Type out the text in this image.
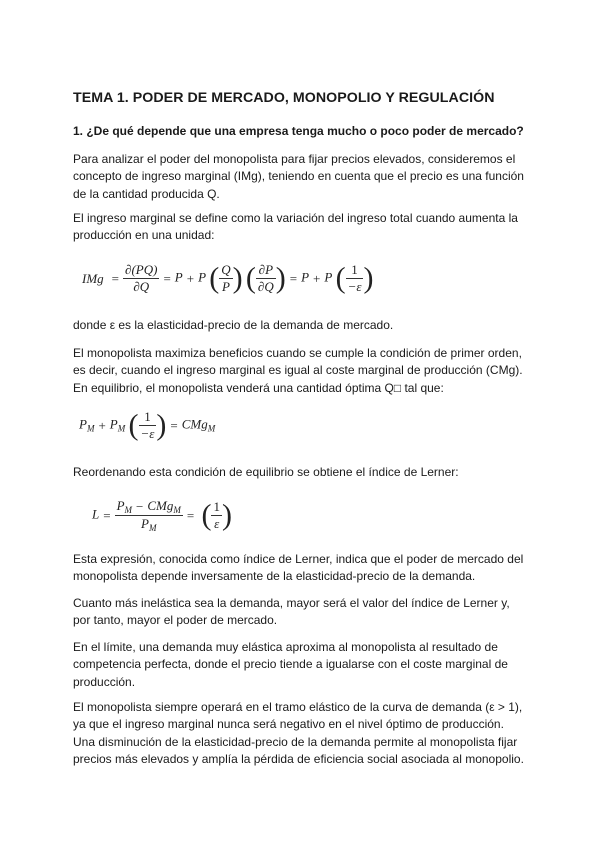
TEMA 1. PODER DE MERCADO, MONOPOLIO Y REGULACIÓN
1. ¿De qué depende que una empresa tenga mucho o poco poder de mercado?
Para analizar el poder del monopolista para fijar precios elevados, consideremos el
concepto de ingreso marginal (IMg), teniendo en cuenta que el precio es una función
de la cantidad producida Q.
El ingreso marginal se define como la variación del ingreso total cuando aumenta la
producción en una unidad:
IMg = $\frac{\partial(PQ)}{\partial Q} = P + P$ ( $\frac{Q}{P}$ ) ( $\frac{\partial P}{\partial Q}$ ) = P + P ( $\frac{1}{-\varepsilon}$ )
donde ε es la elasticidad-precio de la demanda de mercado.
El monopolista maximiza beneficios cuando se cumple la condición de primer orden,
es decir, cuando el ingreso marginal es igual al coste marginal de producción (CMg).
En equilibrio, el monopolista venderá una cantidad óptima Q□ tal que:
$P_M + P_M$ ( $\frac{1}{-\varepsilon}$ ) = CMg$_M$
Reordenando esta condición de equilibrio se obtiene el índice de Lerner:
L =
$P_M - CMg_M$
$P_M$
= ( $\frac{1}{\varepsilon}$ )
Esta expresión, conocida como índice de Lerner, indica que el poder de mercado del
monopolista depende inversamente de la elasticidad-precio de la demanda.
Cuanto más inelástica sea la demanda, mayor será el valor del índice de Lerner y,
por tanto, mayor el poder de mercado.
En el límite, una demanda muy elástica aproxima al monopolista al resultado de
competencia perfecta, donde el precio tiende a igualarse con el coste marginal de
producción.
El monopolista siempre operará en el tramo elástico de la curva de demanda (ε > 1),
ya que el ingreso marginal nunca será negativo en el nivel óptimo de producción.
Una disminución de la elasticidad-precio de la demanda permite al monopolista fijar
precios más elevados y amplía la pérdida de eficiencia social asociada al monopolio.
